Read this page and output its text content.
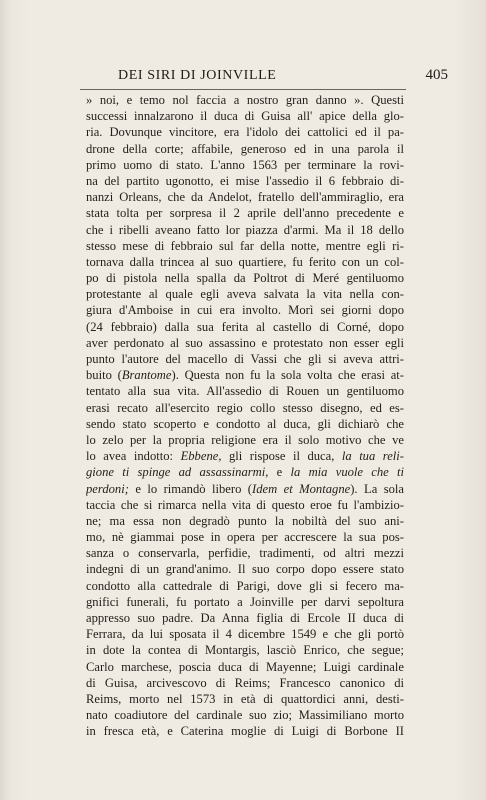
DEI SIRI DI JOINVILLE	405
» noi, e temo nol faccia a nostro gran danno ». Questi
successi innalzarono il duca di Guisa all' apice della glo-
ria. Dovunque vincitore, era l'idolo dei cattolici ed il pa-
drone della corte; affabile, generoso ed in una parola il
primo uomo di stato. L'anno 1563 per terminare la rovi-
na del partito ugonotto, ei mise l'assedio il 6 febbraio di-
nanzi Orleans, che da Andelot, fratello dell'ammiraglio, era
stata tolta per sorpresa il 2 aprile dell'anno precedente e
che i ribelli aveano fatto lor piazza d'armi. Ma il 18 dello
stesso mese di febbraio sul far della notte, mentre egli ri-
tornava dalla trincea al suo quartiere, fu ferito con un col-
po di pistola nella spalla da Poltrot di Meré gentiluomo
protestante al quale egli aveva salvata la vita nella con-
giura d'Amboise in cui era involto. Morì sei giorni dopo
(24 febbraio) dalla sua ferita al castello di Corné, dopo
aver perdonato al suo assassino e protestato non esser egli
punto l'autore del macello di Vassi che gli si aveva attri-
buito (Brantome). Questa non fu la sola volta che erasi at-
tentato alla sua vita. All'assedio di Rouen un gentiluomo
erasi recato all'esercito regio collo stesso disegno, ed es-
sendo stato scoperto e condotto al duca, gli dichiarò che
lo zelo per la propria religione era il solo motivo che ve
lo avea indotto: Ebbene, gli rispose il duca, la tua reli-
gione ti spinge ad assassinarmi, e la mia vuole che ti
perdoni; e lo rimandò libero (Idem et Montagne). La sola
taccia che si rimarca nella vita di questo eroe fu l'ambizio-
ne; ma essa non degradò punto la nobiltà del suo ani-
mo, nè giammai pose in opera per accrescere la sua pos-
sanza o conservarla, perfidie, tradimenti, od altri mezzi
indegni di un grand'animo. Il suo corpo dopo essere stato
condotto alla cattedrale di Parigi, dove gli si fecero ma-
gnifici funerali, fu portato a Joinville per darvi sepoltura
appresso suo padre. Da Anna figlia di Ercole II duca di
Ferrara, da lui sposata il 4 dicembre 1549 e che gli portò
in dote la contea di Montargis, lasciò Enrico, che segue;
Carlo marchese, poscia duca di Mayenne; Luigi cardinale
di Guisa, arcivescovo di Reims; Francesco canonico di
Reims, morto nel 1573 in età di quattordici anni, desti-
nato coadiutore del cardinale suo zio; Massimiliano morto
in fresca età, e Caterina moglie di Luigi di Borbone II
